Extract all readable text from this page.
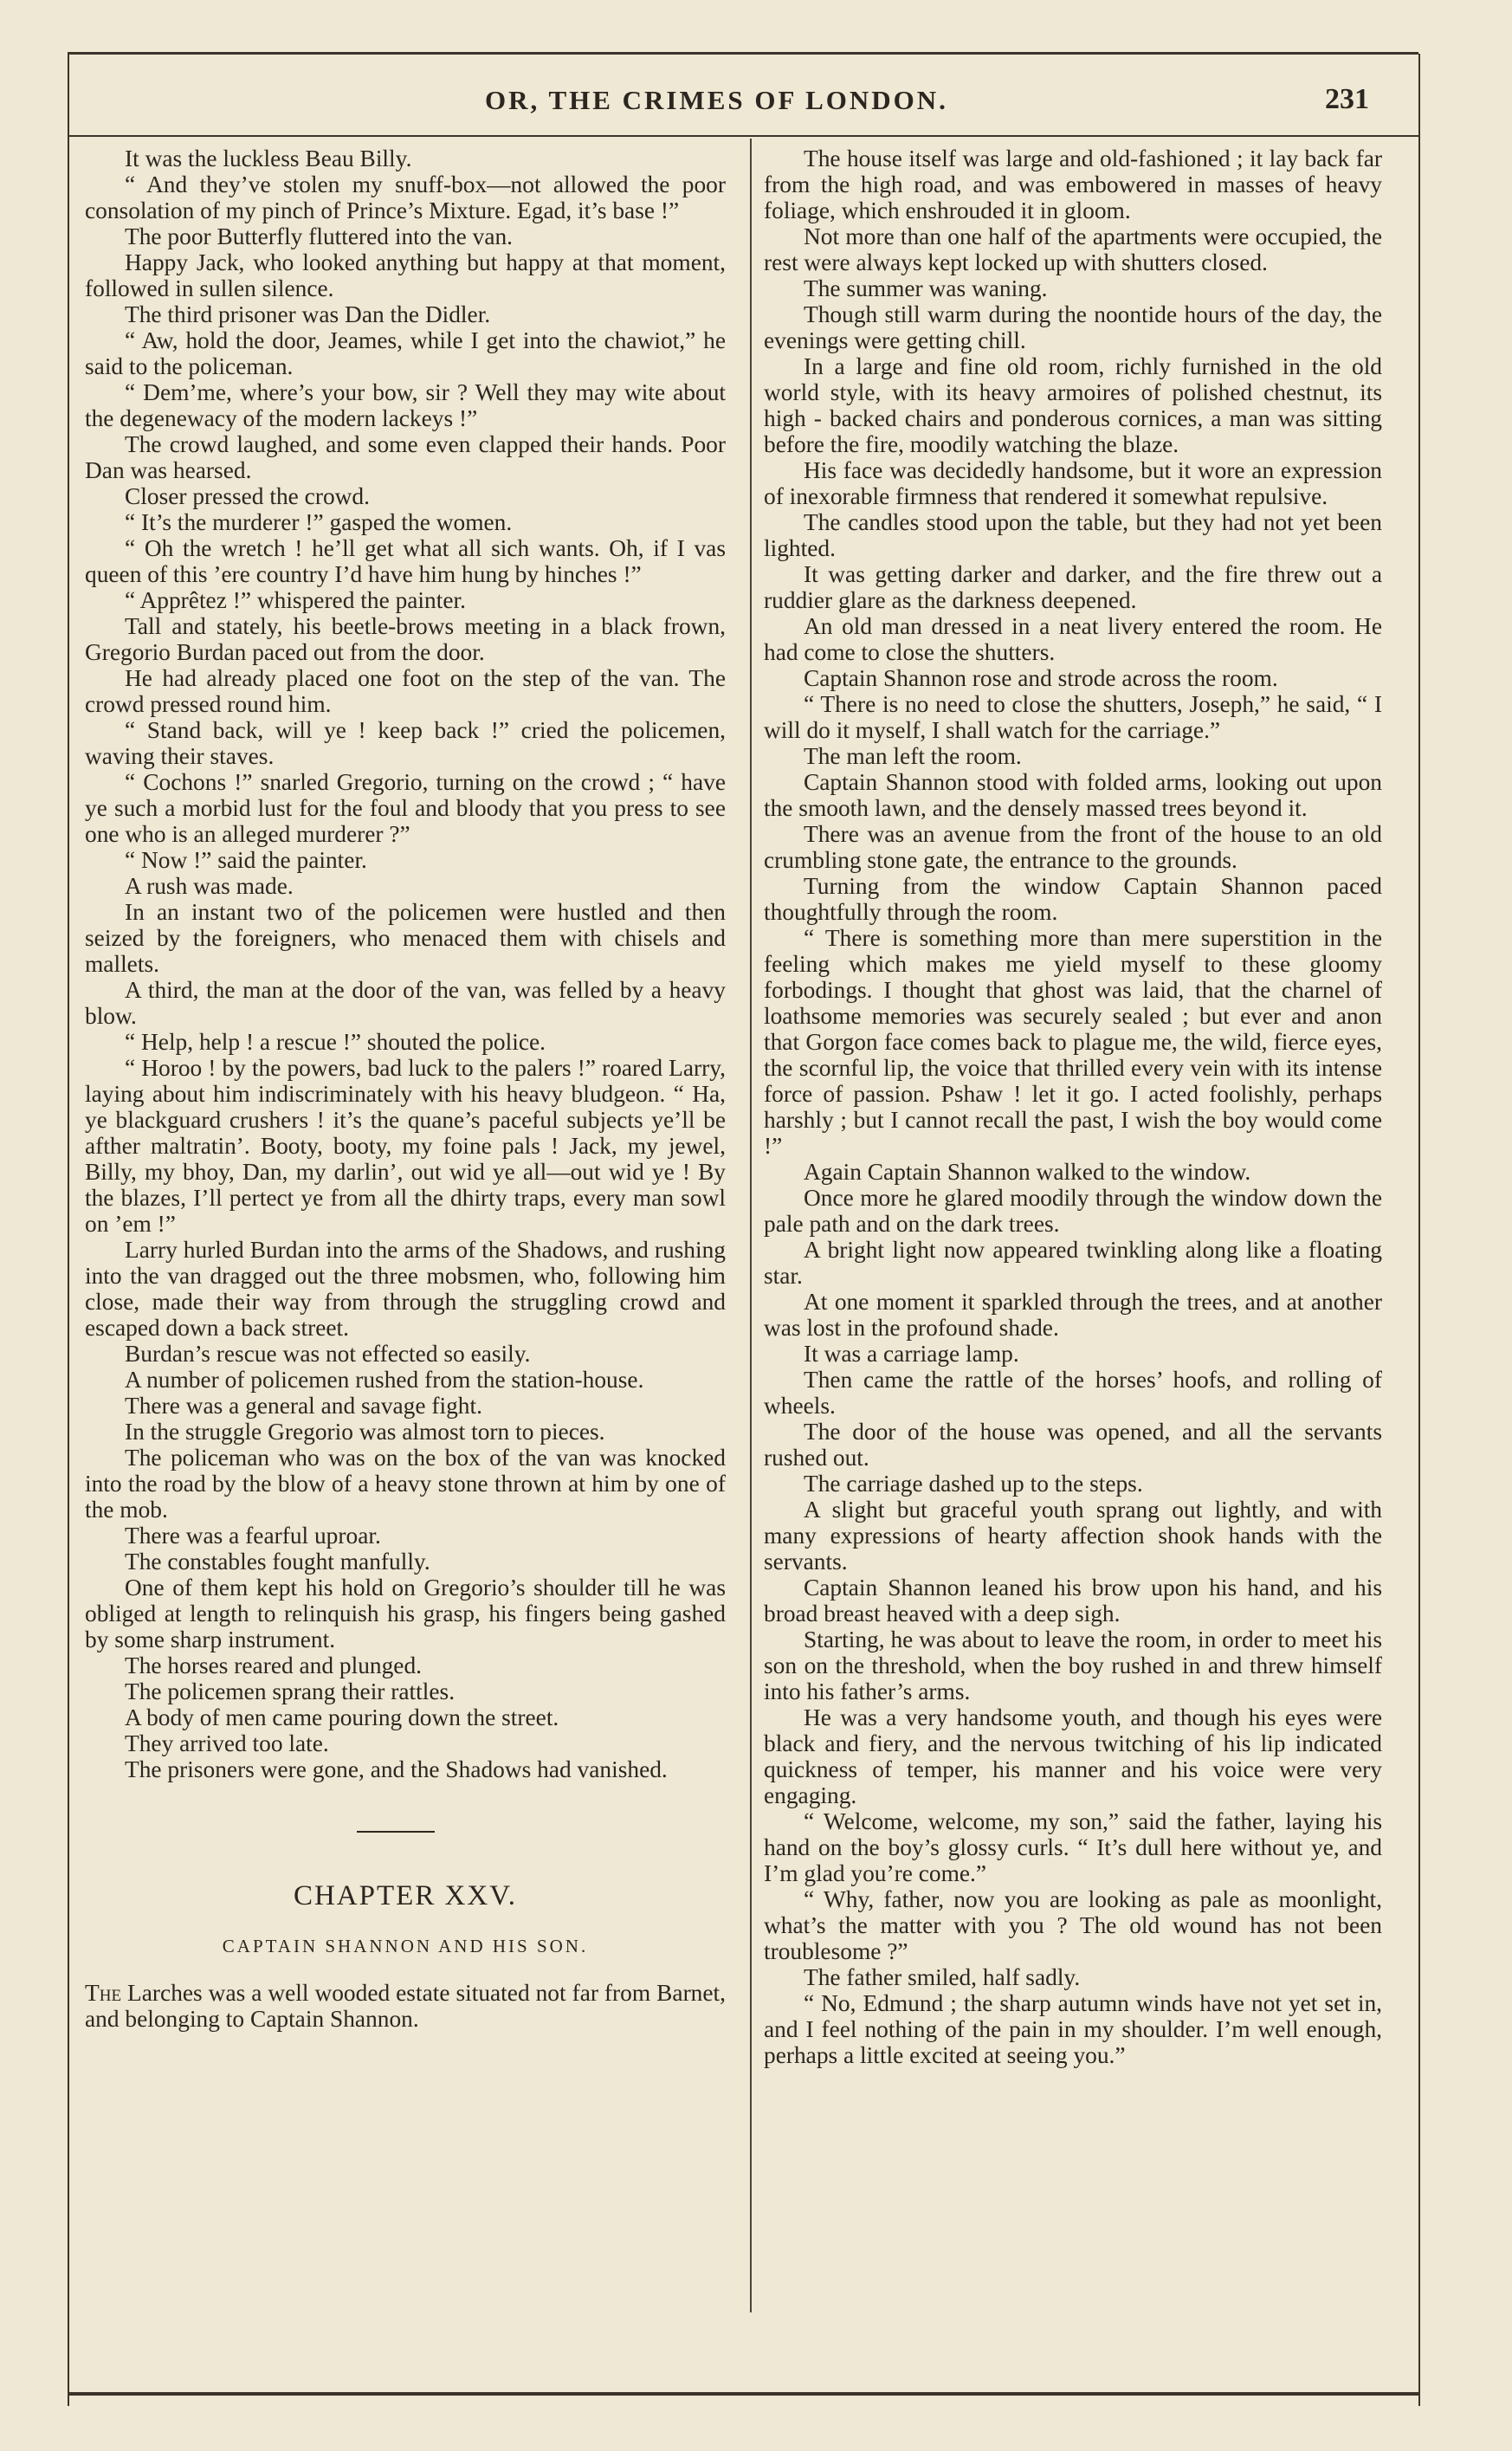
OR, THE CRIMES OF LONDON.	231

It was the luckless Beau Billy.

“ And they’ve stolen my snuff-box—not allowed the poor consolation of my pinch of Prince’s Mixture. Egad, it’s base !”

The poor Butterfly fluttered into the van.

Happy Jack, who looked anything but happy at that moment, followed in sullen silence.

The third prisoner was Dan the Didler.

“ Aw, hold the door, Jeames, while I get into the chawiot,” he said to the policeman.

“ Dem’me, where’s your bow, sir ? Well they may wite about the degenewacy of the modern lackeys !”

The crowd laughed, and some even clapped their hands. Poor Dan was hearsed.

Closer pressed the crowd.

“ It’s the murderer !” gasped the women.

“ Oh the wretch ! he’ll get what all sich wants. Oh, if I vas queen of this ’ere country I’d have him hung by hinches !”

“ Apprêtez !” whispered the painter.

Tall and stately, his beetle-brows meeting in a black frown, Gregorio Burdan paced out from the door.

He had already placed one foot on the step of the van. The crowd pressed round him.

“ Stand back, will ye ! keep back !” cried the policemen, waving their staves.

“ Cochons !” snarled Gregorio, turning on the crowd ; “ have ye such a morbid lust for the foul and bloody that you press to see one who is an alleged murderer ?”

“ Now !” said the painter.

A rush was made.

In an instant two of the policemen were hustled and then seized by the foreigners, who menaced them with chisels and mallets.

A third, the man at the door of the van, was felled by a heavy blow.

“ Help, help ! a rescue !” shouted the police.

“ Horoo ! by the powers, bad luck to the palers !” roared Larry, laying about him indiscriminately with his heavy bludgeon. “ Ha, ye blackguard crushers ! it’s the quane’s paceful subjects ye’ll be afther maltratin’. Booty, booty, my foine pals ! Jack, my jewel, Billy, my bhoy, Dan, my darlin’, out wid ye all—out wid ye ! By the blazes, I’ll pertect ye from all the dhirty traps, every man sowl on ’em !”

Larry hurled Burdan into the arms of the Shadows, and rushing into the van dragged out the three mobsmen, who, following him close, made their way from through the struggling crowd and escaped down a back street.

Burdan’s rescue was not effected so easily.

A number of policemen rushed from the station-house.

There was a general and savage fight.

In the struggle Gregorio was almost torn to pieces.

The policeman who was on the box of the van was knocked into the road by the blow of a heavy stone thrown at him by one of the mob.

There was a fearful uproar.

The constables fought manfully.

One of them kept his hold on Gregorio’s shoulder till he was obliged at length to relinquish his grasp, his fingers being gashed by some sharp instrument.

The horses reared and plunged.

The policemen sprang their rattles.

A body of men came pouring down the street.

They arrived too late.

The prisoners were gone, and the Shadows had vanished.

CHAPTER XXV.
CAPTAIN SHANNON AND HIS SON.

The Larches was a well wooded estate situated not far from Barnet, and belonging to Captain Shannon.

The house itself was large and old-fashioned ; it lay back far from the high road, and was embowered in masses of heavy foliage, which enshrouded it in gloom.

Not more than one half of the apartments were occupied, the rest were always kept locked up with shutters closed.

The summer was waning.

Though still warm during the noontide hours of the day, the evenings were getting chill.

In a large and fine old room, richly furnished in the old world style, with its heavy armoires of polished chestnut, its high - backed chairs and ponderous cornices, a man was sitting before the fire, moodily watching the blaze.

His face was decidedly handsome, but it wore an expression of inexorable firmness that rendered it somewhat repulsive.

The candles stood upon the table, but they had not yet been lighted.

It was getting darker and darker, and the fire threw out a ruddier glare as the darkness deepened.

An old man dressed in a neat livery entered the room. He had come to close the shutters.

Captain Shannon rose and strode across the room.

“ There is no need to close the shutters, Joseph,” he said, “ I will do it myself, I shall watch for the carriage.”

The man left the room.

Captain Shannon stood with folded arms, looking out upon the smooth lawn, and the densely massed trees beyond it.

There was an avenue from the front of the house to an old crumbling stone gate, the entrance to the grounds.

Turning from the window Captain Shannon paced thoughtfully through the room.

“ There is something more than mere superstition in the feeling which makes me yield myself to these gloomy forbodings. I thought that ghost was laid, that the charnel of loathsome memories was securely sealed ; but ever and anon that Gorgon face comes back to plague me, the wild, fierce eyes, the scornful lip, the voice that thrilled every vein with its intense force of passion. Pshaw ! let it go. I acted foolishly, perhaps harshly ; but I cannot recall the past, I wish the boy would come !”

Again Captain Shannon walked to the window.

Once more he glared moodily through the window down the pale path and on the dark trees.

A bright light now appeared twinkling along like a floating star.

At one moment it sparkled through the trees, and at another was lost in the profound shade.

It was a carriage lamp.

Then came the rattle of the horses’ hoofs, and rolling of wheels.

The door of the house was opened, and all the servants rushed out.

The carriage dashed up to the steps.

A slight but graceful youth sprang out lightly, and with many expressions of hearty affection shook hands with the servants.

Captain Shannon leaned his brow upon his hand, and his broad breast heaved with a deep sigh.

Starting, he was about to leave the room, in order to meet his son on the threshold, when the boy rushed in and threw himself into his father’s arms.

He was a very handsome youth, and though his eyes were black and fiery, and the nervous twitching of his lip indicated quickness of temper, his manner and his voice were very engaging.

“ Welcome, welcome, my son,” said the father, laying his hand on the boy’s glossy curls. “ It’s dull here without ye, and I’m glad you’re come.”

“ Why, father, now you are looking as pale as moonlight, what’s the matter with you ? The old wound has not been troublesome ?”

The father smiled, half sadly.

“ No, Edmund ; the sharp autumn winds have not yet set in, and I feel nothing of the pain in my shoulder. I’m well enough, perhaps a little excited at seeing you.”
